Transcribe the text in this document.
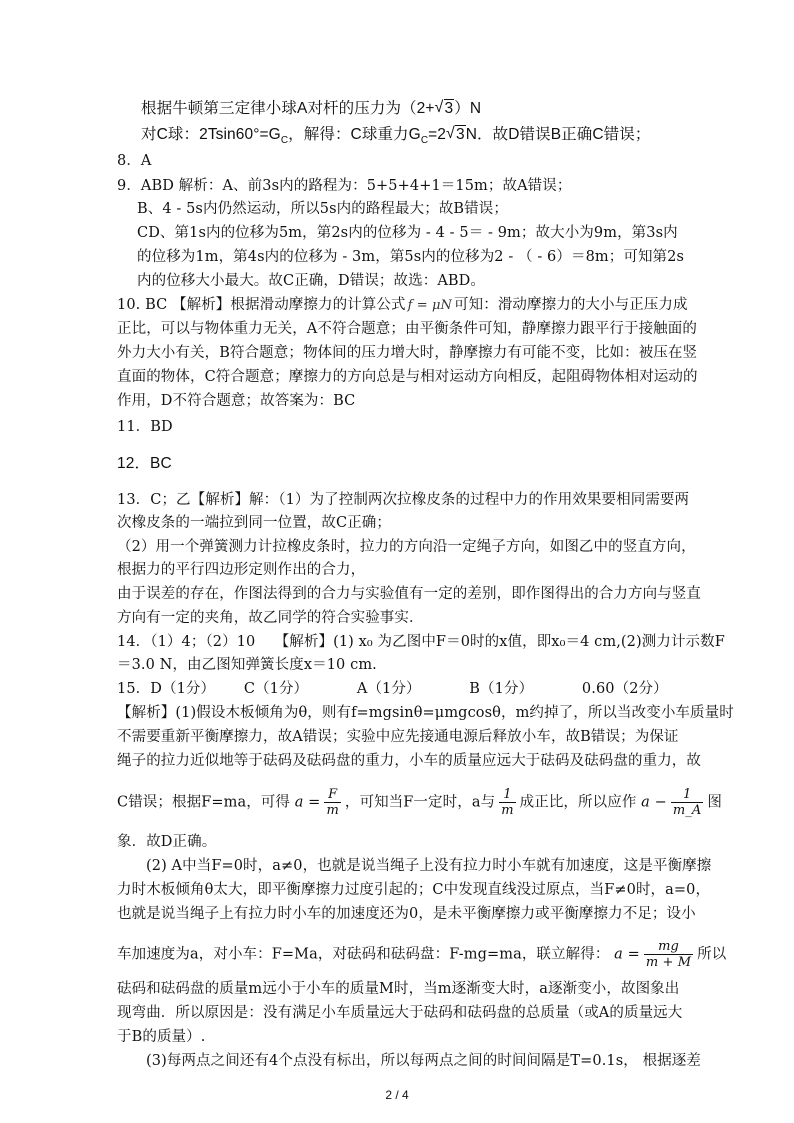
根据牛顿第三定律小球A对杆的压力为（2+ √ 3）N
对C球：$2Tsin60^\circ=G_C$，解得：C球重力$G_C=2$ √ 3N．故D错误B正确C错误；
8．A
9．ABD 解析：A、前3s内的路程为：5+5+4+1＝15m；故A错误；
B、4 - 5s内仍然运动，所以5s内的路程最大；故B错误；
CD、第1s内的位移为5m，第2s内的位移为 - 4 - 5＝ - 9m；故大小为9m，第3s内
的位移为1m，第4s内的位移为 - 3m，第5s内的位移为2 - （ - 6）＝8m；可知第2s
内的位移大小最大。故C正确，D错误；故选：ABD。
10. BC 【解析】根据滑动摩擦力的计算公式 f = μN 可知：滑动摩擦力的大小与正压力成
正比，可以与物体重力无关，A不符合题意；由平衡条件可知，静摩擦力跟平行于接触面的
外力大小有关，B符合题意；物体间的压力增大时，静摩擦力有可能不变，比如：被压在竖
直面的物体，C符合题意；摩擦力的方向总是与相对运动方向相反，起阻碍物体相对运动的
作用，D不符合题意；故答案为：BC
11．BD
12．BC
13．C；乙【解析】解：（1）为了控制两次拉橡皮条的过程中力的作用效果要相同需要两
次橡皮条的一端拉到同一位置，故C正确；
（2）用一个弹簧测力计拉橡皮条时，拉力的方向沿一定绳子方向，如图乙中的竖直方向，
根据力的平行四边形定则作出的合力，
由于误差的存在，作图法得到的合力与实验值有一定的差别，即作图得出的合力方向与竖直
方向有一定的夹角，故乙同学的符合实验事实．
14．（1）4；（2）10　 【解析】(1) x₀ 为乙图中F＝0时的x值，即x₀＝4 cm,(2)测力计示数F
＝3.0 N，由乙图知弹簧长度x＝10 cm.
15．D（1分） C（1分）	A（1分）	B（1分）	0.60（2分）
【解析】(1)假设木板倾角为θ，则有f=mgsinθ=μmgcosθ，m约掉了，所以当改变小车质量时
不需要重新平衡摩擦力，故A错误；实验中应先接通电源后释放小车，故B错误；为保证
绳子的拉力近似地等于砝码及砝码盘的重力，小车的质量应远大于砝码及砝码盘的重力，故
C错误；根据F=ma，可得 $a = \frac{F}{m}$ ，可知当F一定时，a与 $\frac{1}{m}$ 成正比，所以应作 $a - \frac{1}{m\_A}$ 图
象．故D正确。
(2) A中当F=0时，a≠0，也就是说当绳子上没有拉力时小车就有加速度，这是平衡摩擦
力时木板倾角θ太大，即平衡摩擦力过度引起的；C中发现直线没过原点，当F≠0时，a=0，
也就是说当绳子上有拉力时小车的加速度还为0，是未平衡摩擦力或平衡摩擦力不足；设小
车加速度为a，对小车：F=Ma，对砝码和砝码盘：F-mg=ma，联立解得： $a = \frac{mg}{m + M}$ 所以
砝码和砝码盘的质量m远小于小车的质量M时，当m逐渐变大时，a逐渐变小，故图象出
现弯曲．所以原因是：没有满足小车质量远大于砝码和砝码盘的总质量（或A的质量远大
于B的质量）.
(3)每两点之间还有4个点没有标出，所以每两点之间的时间间隔是T=0.1s， 根据逐差
2 / 4
